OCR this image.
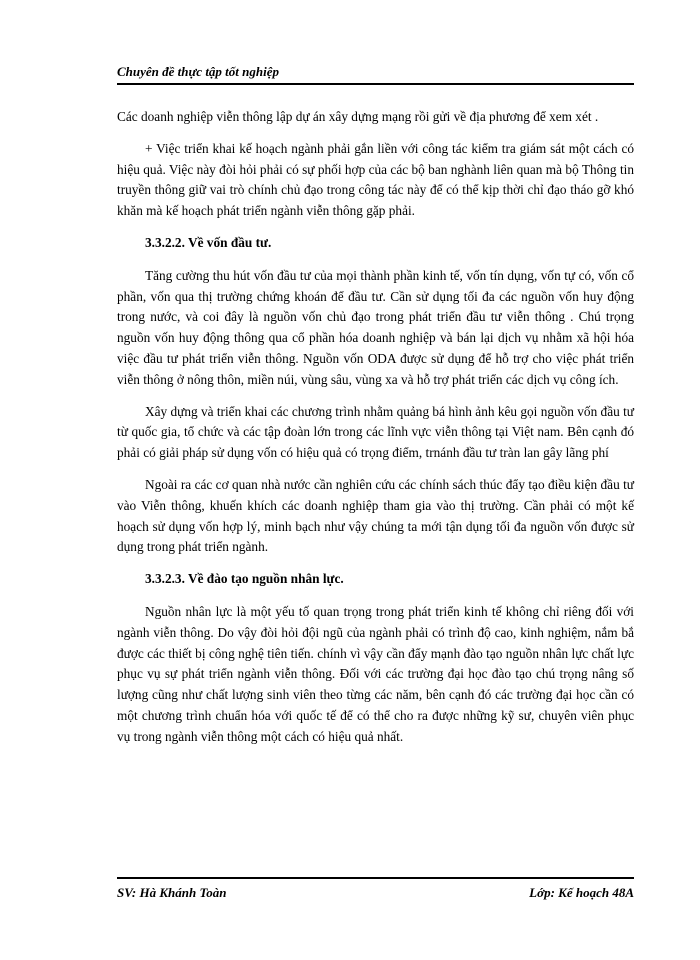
Chuyên đề thực tập tốt nghiệp

Các doanh nghiệp viễn thông lập dự án xây dựng mạng rồi gửi về địa phương để xem xét .

+ Việc triển khai kế hoạch ngành phải gắn liền với công tác kiểm tra giám sát một cách có hiệu quả. Việc này đòi hỏi phải có sự phối hợp của các bộ ban nghành liên quan mà bộ Thông tin truyền thông giữ vai trò chính chủ đạo trong công tác này để có thể kịp thời chỉ đạo tháo gỡ khó khăn mà kế hoạch phát triển ngành viễn thông gặp phải.

3.3.2.2. Về vốn đầu tư.

Tăng cường thu hút vốn đầu tư của mọi thành phần kinh tế, vốn tín dụng, vốn tự có, vốn cổ phần, vốn qua thị trường chứng khoán để đầu tư. Cần sử dụng tối đa các nguồn vốn huy động trong nước, và coi đây là nguồn vốn chủ đạo trong phát triển đầu tư viễn thông . Chú trọng nguồn vốn huy động thông qua cổ phần hóa doanh nghiệp và bán lại dịch vụ nhằm xã hội hóa việc đầu tư phát triển viễn thông. Nguồn vốn ODA được sử dụng để hỗ trợ cho việc phát triển viễn thông ở nông thôn, miền núi, vùng sâu, vùng xa và hỗ trợ phát triển các dịch vụ công ích.

Xây dựng và triển khai các chương trình nhằm quảng bá hình ảnh kêu gọi nguồn vốn đầu tư từ quốc gia, tổ chức và các tập đoàn lớn trong các lĩnh vực viễn thông tại Việt nam. Bên cạnh đó phải có giải pháp sử dụng vốn có hiệu quả có trọng điểm, trnánh đầu tư tràn lan gây lãng phí

Ngoài ra các cơ quan nhà nước cần nghiên cứu các chính sách thúc đẩy tạo điều kiện đầu tư vào Viễn thông, khuến khích các doanh nghiệp tham gia vào thị trường. Cần phải có một kế hoạch sử dụng vốn hợp lý, minh bạch như vậy chúng ta mới tận dụng tối đa nguồn vốn được sử dụng trong phát triển ngành.

3.3.2.3. Về đào tạo nguồn nhân lực.

Nguồn nhân lực là một yếu tố quan trọng trong phát triển kinh tế không chỉ riêng đối với ngành viễn thông. Do vậy đòi hỏi đội ngũ của ngành phải có trình độ cao, kinh nghiệm, nắm bắ được các thiết bị công nghệ tiên tiến. chính vì vậy cần đẩy mạnh đào tạo nguồn nhân lực chất lực phục vụ sự phát triển ngành viễn thông. Đối với các trường đại học đào tạo chú trọng nâng số lượng cũng như chất lượng sinh viên theo từng các năm, bên cạnh đó các trường đại học cần có một chương trình chuẩn hóa với quốc tế để có thể cho ra được những kỹ sư, chuyên viên phục vụ trong ngành viễn thông một cách có hiệu quả nhất.

SV: Hà Khánh Toàn	Lớp: Kế hoạch 48A
